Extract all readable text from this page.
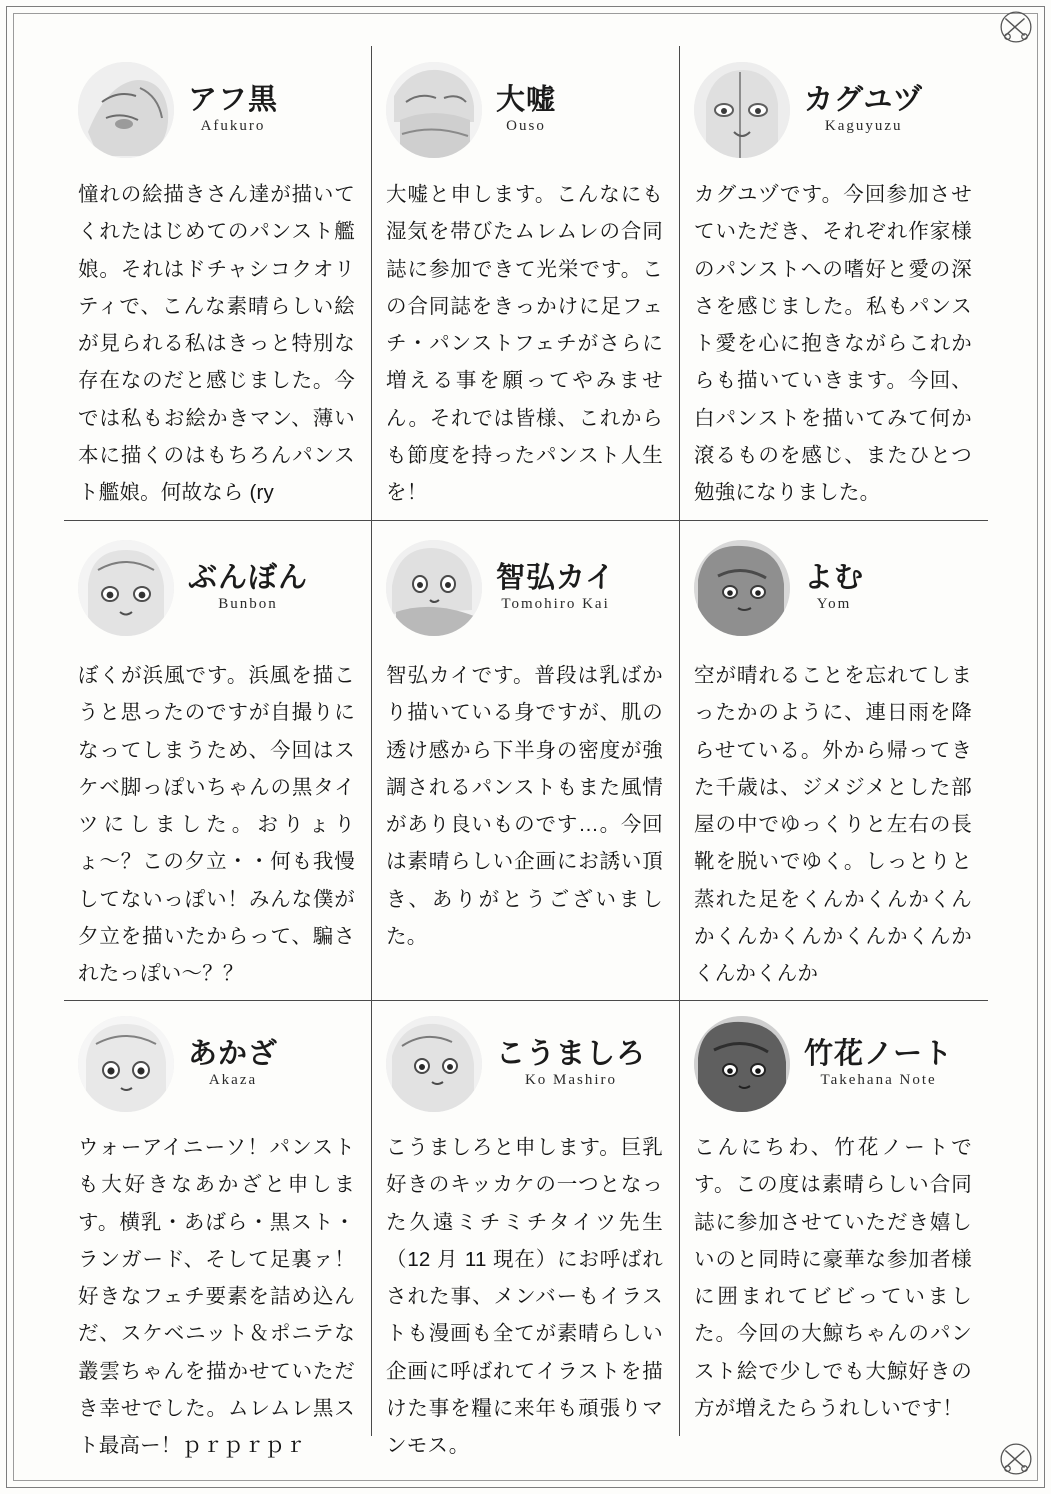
アフ黒
Afukuro
憧れの絵描きさん達が描いてくれたはじめてのパンスト艦娘。それはドチャシコクオリティで、こんな素晴らしい絵が見られる私はきっと特別な存在なのだと感じました。今では私もお絵かきマン、薄い本に描くのはもちろんパンスト艦娘。何故なら (ry
大嘘
Ouso
大嘘と申します。こんなにも湿気を帯びたムレムレの合同誌に参加できて光栄です。この合同誌をきっかけに足フェチ・パンストフェチがさらに増える事を願ってやみません。それでは皆様、これからも節度を持ったパンスト人生を！
カグユヅ
Kaguyuzu
カグユヅです。今回参加させていただき、それぞれ作家様のパンストへの嗜好と愛の深さを感じました。私もパンスト愛を心に抱きながらこれからも描いていきます。今回、白パンストを描いてみて何か滾るものを感じ、またひとつ勉強になりました。
ぶんぼん
Bunbon
ぼくが浜風です。浜風を描こうと思ったのですが自撮りになってしまうため、今回はスケベ脚っぽいちゃんの黒タイツにしました。おりょりょ〜？この夕立・・何も我慢してないっぽい！みんな僕が夕立を描いたからって、騙されたっぽい〜？？
智弘カイ
Tomohiro Kai
智弘カイです。普段は乳ばかり描いている身ですが、肌の透け感から下半身の密度が強調されるパンストもまた風情があり良いものです…。今回は素晴らしい企画にお誘い頂き、ありがとうございました。
よむ
Yom
空が晴れることを忘れてしまったかのように、連日雨を降らせている。外から帰ってきた千歳は、ジメジメとした部屋の中でゆっくりと左右の長靴を脱いでゆく。しっとりと蒸れた足をくんかくんかくんかくんかくんかくんかくんかくんかくんか
あかざ
Akaza
ウォーアイニーソ！パンストも大好きなあかざと申します。横乳・あばら・黒スト・ランガード、そして足裏ァ！好きなフェチ要素を詰め込んだ、スケベニット＆ポニテな叢雲ちゃんを描かせていただき幸せでした。ムレムレ黒スト最高ー！ｐｒｐｒｐｒ
こうましろ
Ko Mashiro
こうましろと申します。巨乳好きのキッカケの一つとなった久遠ミチミチタイツ先生（12 月 11 現在）にお呼ばれされた事、メンバーもイラストも漫画も全てが素晴らしい企画に呼ばれてイラストを描けた事を糧に来年も頑張りマンモス。
竹花ノート
Takehana Note
こんにちわ、竹花ノートです。この度は素晴らしい合同誌に参加させていただき嬉しいのと同時に豪華な参加者様に囲まれてビビっていました。今回の大鯨ちゃんのパンスト絵で少しでも大鯨好きの方が増えたらうれしいです！
